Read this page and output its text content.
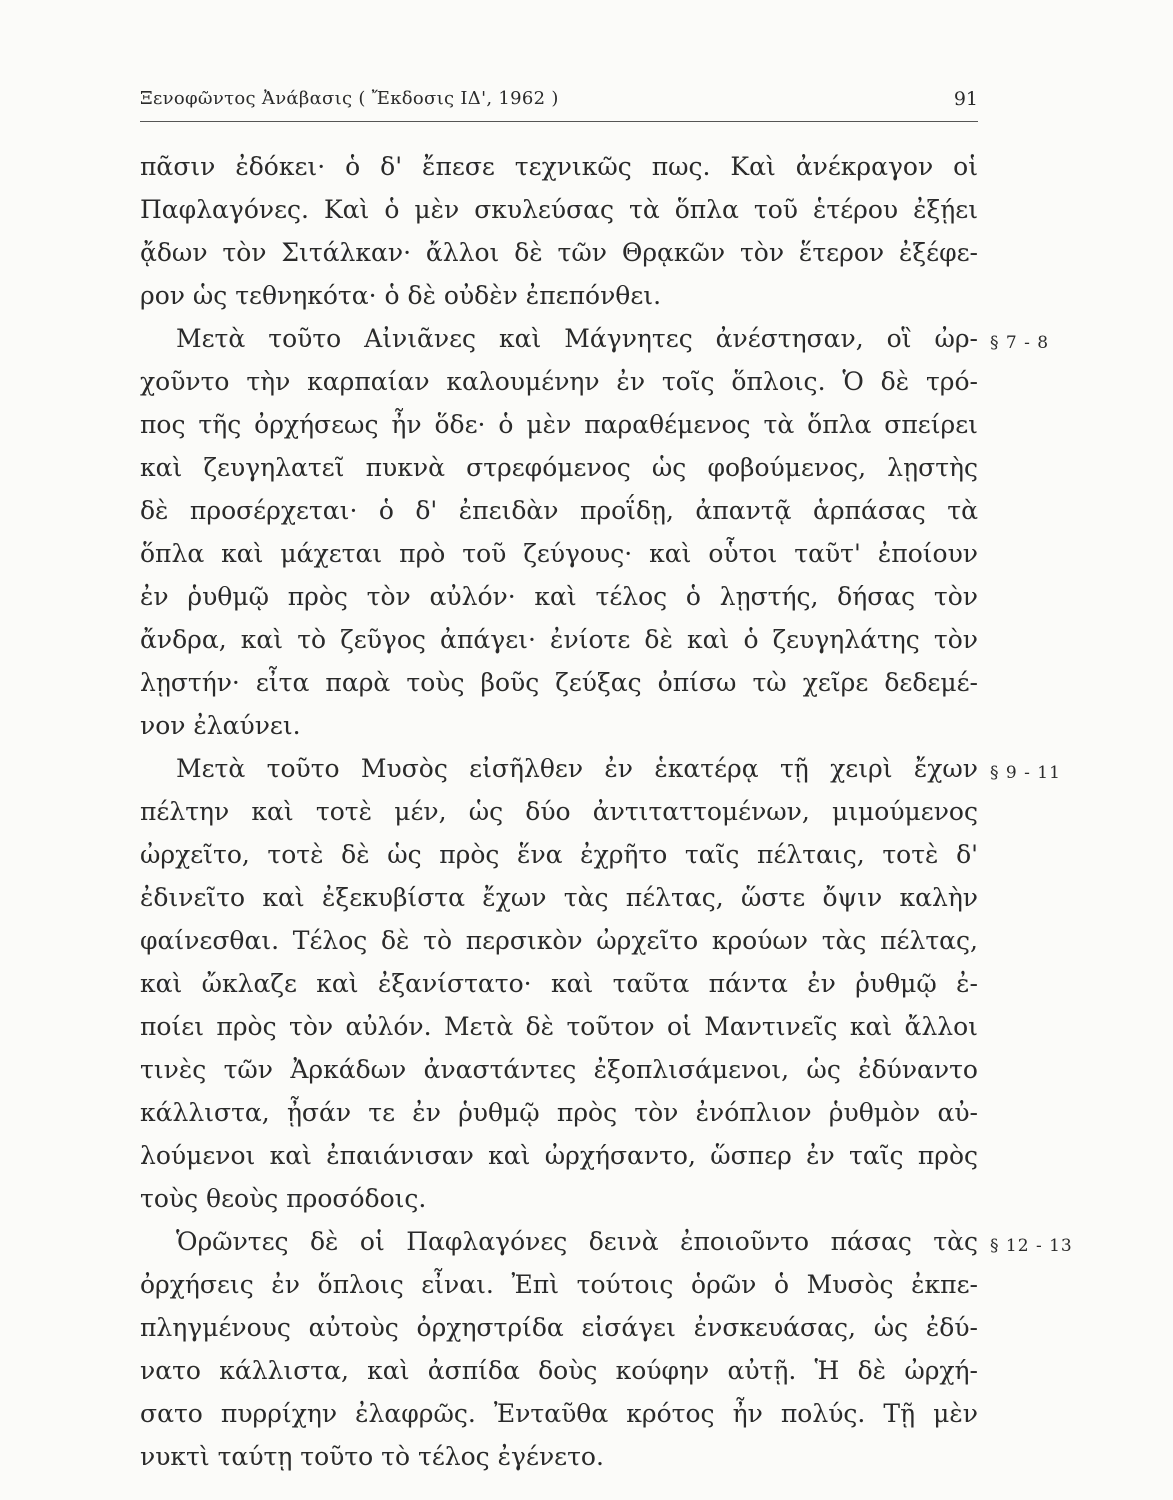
Ξενοφῶντος Ἀνάβασις ( Ἔκδοσις ΙΔ', 1962 )	91
πᾶσιν ἐδόκει· ὁ δ' ἔπεσε τεχνικῶς πως. Καὶ ἀνέκραγον οἱ
Παφλαγόνες. Καὶ ὁ μὲν σκυλεύσας τὰ ὅπλα τοῦ ἑτέρου ἐξῄει
ᾄδων τὸν Σιτάλκαν· ἄλλοι δὲ τῶν Θρᾳκῶν τὸν ἕτερον ἐξέφε-
ρον ὡς τεθνηκότα· ὁ δὲ οὐδὲν ἐπεπόνθει.
Μετὰ τοῦτο Αἰνιᾶνες καὶ Μάγνητες ἀνέστησαν, οἳ ὠρ-
χοῦντο τὴν καρπαίαν καλουμένην ἐν τοῖς ὅπλοις. Ὁ δὲ τρό-
πος τῆς ὀρχήσεως ἦν ὅδε· ὁ μὲν παραθέμενος τὰ ὅπλα σπείρει
καὶ ζευγηλατεῖ πυκνὰ στρεφόμενος ὡς φοβούμενος, λῃστὴς
δὲ προσέρχεται· ὁ δ' ἐπειδὰν προΐδῃ, ἀπαντᾷ ἁρπάσας τὰ
ὅπλα καὶ μάχεται πρὸ τοῦ ζεύγους· καὶ οὗτοι ταῦτ' ἐποίουν
ἐν ῥυθμῷ πρὸς τὸν αὐλόν· καὶ τέλος ὁ λῃστής, δήσας τὸν
ἄνδρα, καὶ τὸ ζεῦγος ἀπάγει· ἐνίοτε δὲ καὶ ὁ ζευγηλάτης τὸν
λῃστήν· εἶτα παρὰ τοὺς βοῦς ζεύξας ὀπίσω τὼ χεῖρε δεδεμέ-
νον ἐλαύνει.
Μετὰ τοῦτο Μυσὸς εἰσῆλθεν ἐν ἑκατέρᾳ τῇ χειρὶ ἔχων
πέλτην καὶ τοτὲ μέν, ὡς δύο ἀντιταττομένων, μιμούμενος
ὠρχεῖτο, τοτὲ δὲ ὡς πρὸς ἕνα ἐχρῆτο ταῖς πέλταις, τοτὲ δ'
ἐδινεῖτο καὶ ἐξεκυβίστα ἔχων τὰς πέλτας, ὥστε ὄψιν καλὴν
φαίνεσθαι. Τέλος δὲ τὸ περσικὸν ὠρχεῖτο κρούων τὰς πέλτας,
καὶ ὤκλαζε καὶ ἐξανίστατο· καὶ ταῦτα πάντα ἐν ῥυθμῷ ἐ-
ποίει πρὸς τὸν αὐλόν. Μετὰ δὲ τοῦτον οἱ Μαντινεῖς καὶ ἄλλοι
τινὲς τῶν Ἀρκάδων ἀναστάντες ἐξοπλισάμενοι, ὡς ἐδύναντο
κάλλιστα, ᾖσάν τε ἐν ῥυθμῷ πρὸς τὸν ἐνόπλιον ῥυθμὸν αὐ-
λούμενοι καὶ ἐπαιάνισαν καὶ ὠρχήσαντο, ὥσπερ ἐν ταῖς πρὸς
τοὺς θεοὺς προσόδοις.
Ὁρῶντες δὲ οἱ Παφλαγόνες δεινὰ ἐποιοῦντο πάσας τὰς
ὀρχήσεις ἐν ὅπλοις εἶναι. Ἐπὶ τούτοις ὁρῶν ὁ Μυσὸς ἐκπε-
πληγμένους αὐτοὺς ὀρχηστρίδα εἰσάγει ἐνσκευάσας, ὡς ἐδύ-
νατο κάλλιστα, καὶ ἀσπίδα δοὺς κούφην αὐτῇ. Ἡ δὲ ὠρχή-
σατο πυρρίχην ἐλαφρῶς. Ἐνταῦθα κρότος ἦν πολύς. Τῇ μὲν
νυκτὶ ταύτῃ τοῦτο τὸ τέλος ἐγένετο.
§ 7 - 8
§ 9 - 11
§ 12 - 13
